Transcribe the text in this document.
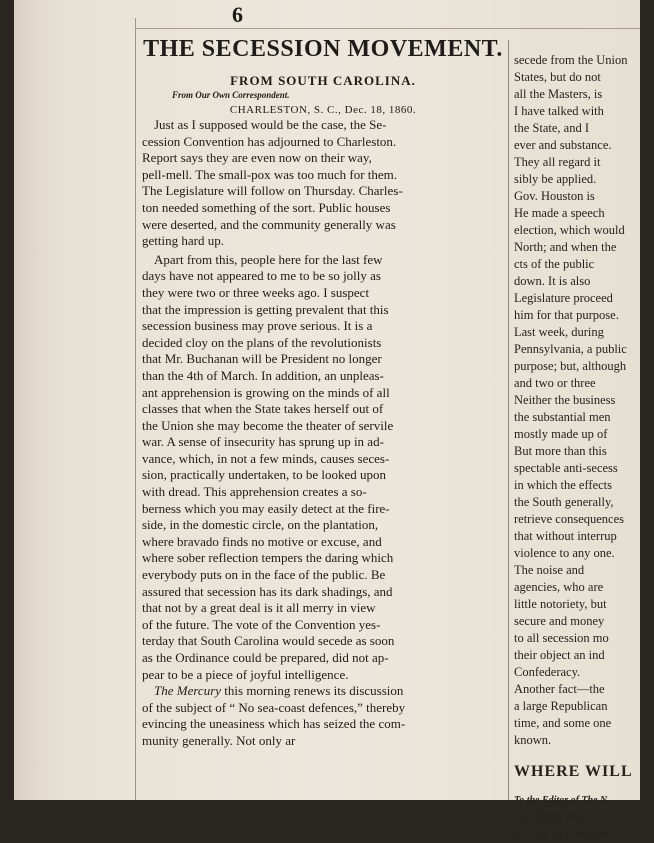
6
THE SECESSION MOVEMENT.
FROM SOUTH CAROLINA.
From Our Own Correspondent.
CHARLESTON, S. C., Dec. 18, 1860.
Just as I supposed would be the case, the Se-
cession Convention has adjourned to Charleston.
Report says they are even now on their way,
pell-mell. The small-pox was too much for them.
The Legislature will follow on Thursday. Charles-
ton needed something of the sort. Public houses
were deserted, and the community generally was
getting hard up.
Apart from this, people here for the last few
days have not appeared to me to be so jolly as
they were two or three weeks ago. I suspect
that the impression is getting prevalent that this
secession business may prove serious. It is a
decided cloy on the plans of the revolutionists
that Mr. Buchanan will be President no longer
than the 4th of March. In addition, an unpleas-
ant apprehension is growing on the minds of all
classes that when the State takes herself out of
the Union she may become the theater of servile
war. A sense of insecurity has sprung up in ad-
vance, which, in not a few minds, causes seces-
sion, practically undertaken, to be looked upon
with dread. This apprehension creates a so-
berness which you may easily detect at the fire-
side, in the domestic circle, on the plantation,
where bravado finds no motive or excuse, and
where sober reflection tempers the daring which
everybody puts on in the face of the public. Be
assured that secession has its dark shadings, and
that not by a great deal is it all merry in view
of the future. The vote of the Convention yes-
terday that South Carolina would secede as soon
as the Ordinance could be prepared, did not ap-
pear to be a piece of joyful intelligence.
The Mercury this morning renews its discussion
of the subject of “ No sea-coast defences,” thereby
evincing the uneasiness which has seized the com-
munity generally. Not only ar
secede from the Union
States, but do not
all the Masters, is
I have talked with
the State, and I
ever and substance.
They all regard it
sibly be applied.
Gov. Houston is
He made a speech
election, which would
North; and when the
cts of the public
down. It is also
Legislature proceed
him for that purpose.
Last week, during
Pennsylvania, a public
purpose; but, although
and two or three
Neither the business
the substantial men
mostly made up of
But more than this
spectable anti-secess
in which the effects
the South generally,
retrieve consequences
that without interrup
violence to any one.
The noise and
agencies, who are
little notoriety, but
secure and money
to all secession mo
their object an ind
Confederacy.
Another fact—the
a large Republican
time, and some one
known.
WHERE WILL
To the Editor of The N
Sir: Have you
In case of a recessi
